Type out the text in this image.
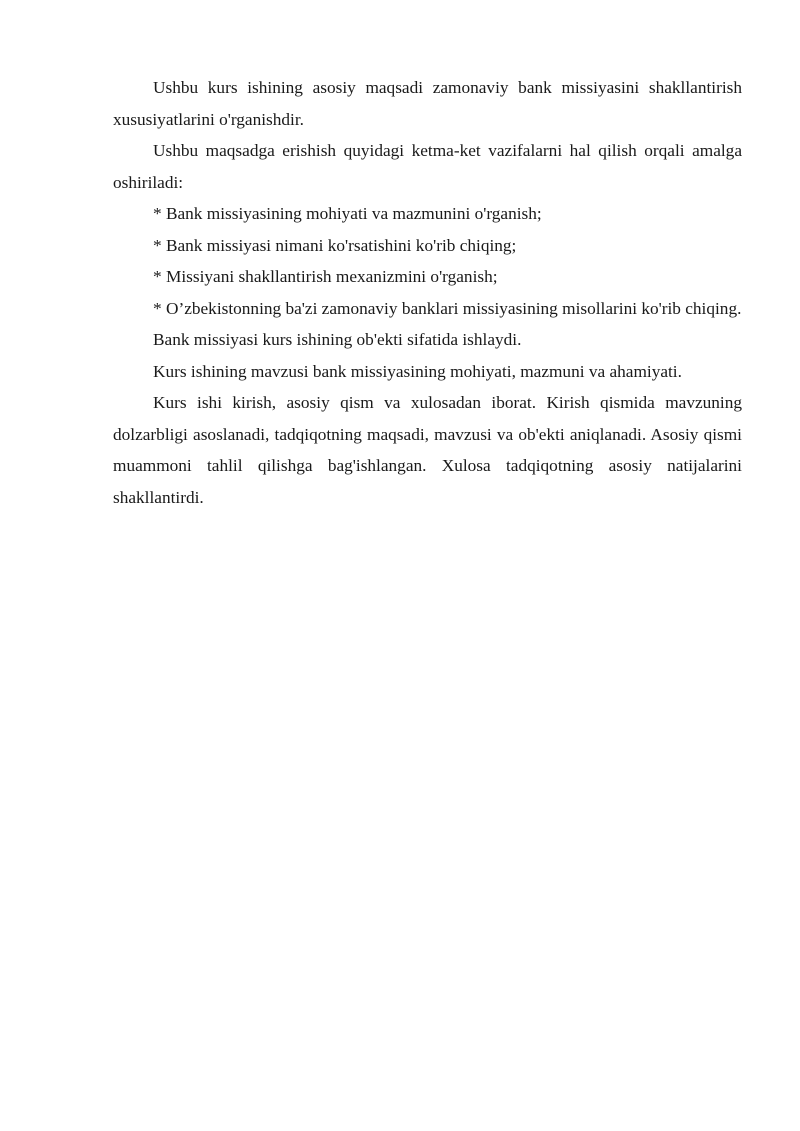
Ushbu kurs ishining asosiy maqsadi zamonaviy bank missiyasini shakllantirish xususiyatlarini o'rganishdir.

Ushbu maqsadga erishish quyidagi ketma-ket vazifalarni hal qilish orqali amalga oshiriladi:

* Bank missiyasining mohiyati va mazmunini o'rganish;

* Bank missiyasi nimani ko'rsatishini ko'rib chiqing;

* Missiyani shakllantirish mexanizmini o'rganish;

* O’zbekistonning ba'zi zamonaviy banklari missiyasining misollarini ko'rib chiqing.

Bank missiyasi kurs ishining ob'ekti sifatida ishlaydi.

Kurs ishining mavzusi bank missiyasining mohiyati, mazmuni va ahamiyati.

Kurs ishi kirish, asosiy qism va xulosadan iborat. Kirish qismida mavzuning dolzarbligi asoslanadi, tadqiqotning maqsadi, mavzusi va ob'ekti aniqlanadi. Asosiy qismi muammoni tahlil qilishga bag'ishlangan. Xulosa tadqiqotning asosiy natijalarini shakllantirdi.
